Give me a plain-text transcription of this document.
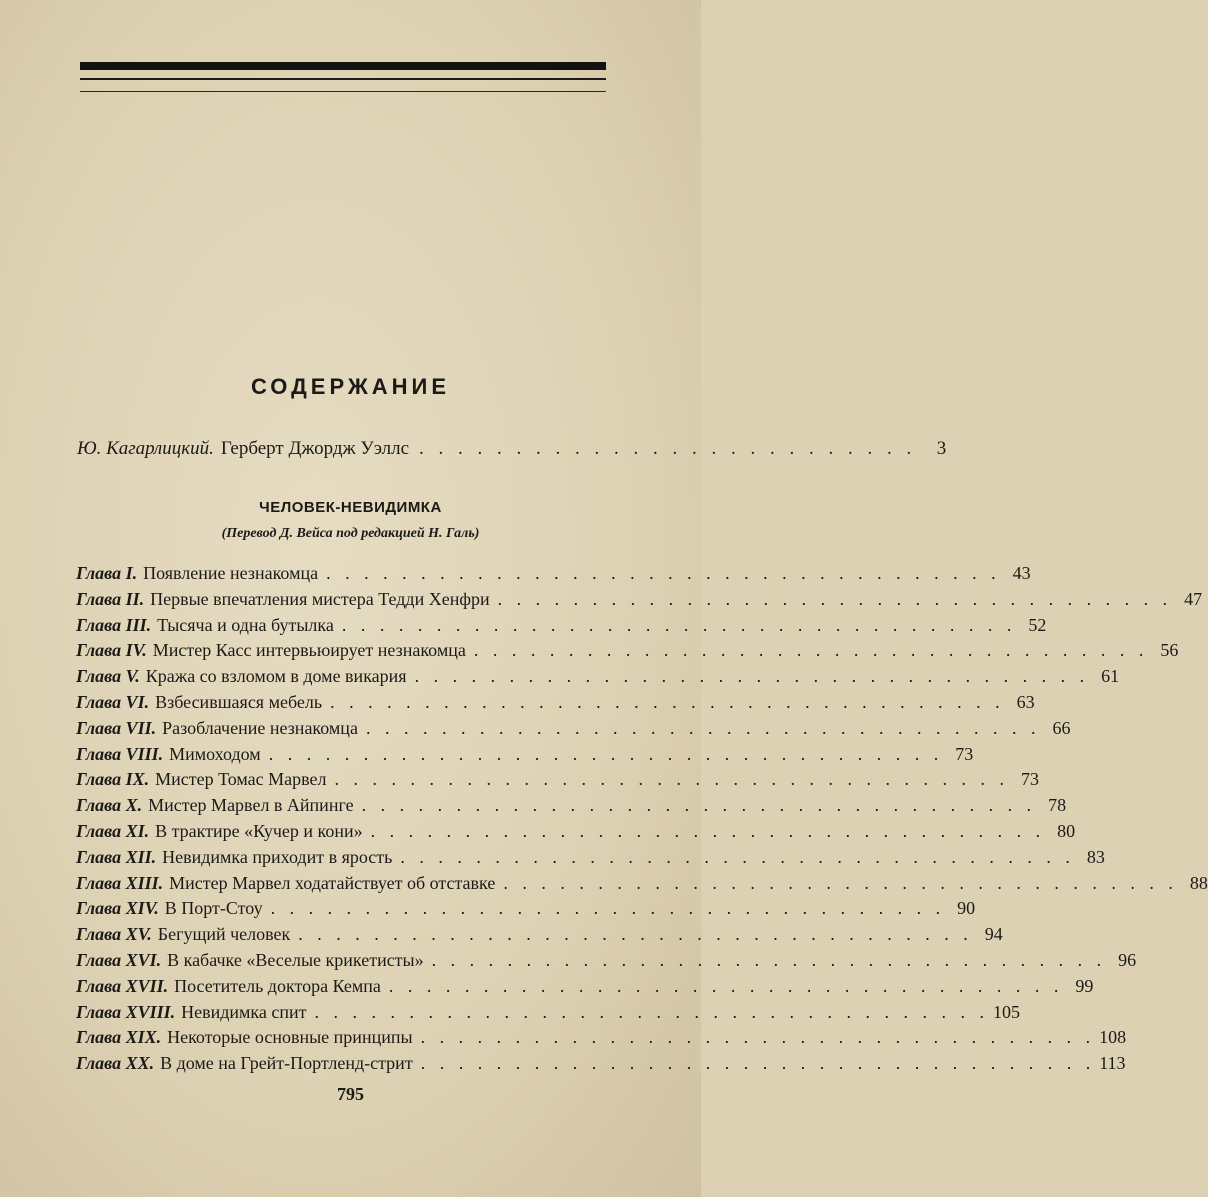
СОДЕРЖАНИЕ
Ю. Кагарлицкий. Герберт Джордж Уэллс . . . . . . . . . . . . . . . . . . . . . . . . . .	3
ЧЕЛОВЕК-НЕВИДИМКА
(Перевод Д. Вейса под редакцией Н. Галь)
Глава I. Появление незнакомца . . . . . . . . . . . . . . . . . . . . . . . . . . . . . . . . . . . . 43
Глава II. Первые впечатления мистера Тедди Хенфри . . . . . . . . . . . . . . . . . . . . . . . . . . . . . . . . . . . . 47
Глава III. Тысяча и одна бутылка . . . . . . . . . . . . . . . . . . . . . . . . . . . . . . . . . . . . 52
Глава IV. Мистер Касс интервьюирует незнакомца . . . . . . . . . . . . . . . . . . . . . . . . . . . . . . . . . . . . 56
Глава V. Кража со взломом в доме викария . . . . . . . . . . . . . . . . . . . . . . . . . . . . . . . . . . . . 61
Глава VI. Взбесившаяся мебель . . . . . . . . . . . . . . . . . . . . . . . . . . . . . . . . . . . . 63
Глава VII. Разоблачение незнакомца . . . . . . . . . . . . . . . . . . . . . . . . . . . . . . . . . . . . 66
Глава VIII. Мимоходом . . . . . . . . . . . . . . . . . . . . . . . . . . . . . . . . . . . . 73
Глава IX. Мистер Томас Марвел . . . . . . . . . . . . . . . . . . . . . . . . . . . . . . . . . . . . 73
Глава X. Мистер Марвел в Айпинге . . . . . . . . . . . . . . . . . . . . . . . . . . . . . . . . . . . . 78
Глава XI. В трактире «Кучер и кони» . . . . . . . . . . . . . . . . . . . . . . . . . . . . . . . . . . . . 80
Глава XII. Невидимка приходит в ярость . . . . . . . . . . . . . . . . . . . . . . . . . . . . . . . . . . . . 83
Глава XIII. Мистер Марвел ходатайствует об отставке . . . . . . . . . . . . . . . . . . . . . . . . . . . . . . . . . . . . 88
Глава XIV. В Порт-Стоу . . . . . . . . . . . . . . . . . . . . . . . . . . . . . . . . . . . . 90
Глава XV. Бегущий человек . . . . . . . . . . . . . . . . . . . . . . . . . . . . . . . . . . . . 94
Глава XVI. В кабачке «Веселые крикетисты» . . . . . . . . . . . . . . . . . . . . . . . . . . . . . . . . . . . . 96
Глава XVII. Посетитель доктора Кемпа . . . . . . . . . . . . . . . . . . . . . . . . . . . . . . . . . . . . 99
Глава XVIII. Невидимка спит . . . . . . . . . . . . . . . . . . . . . . . . . . . . . . . . . . . . 105
Глава XIX. Некоторые основные принципы . . . . . . . . . . . . . . . . . . . . . . . . . . . . . . . . . . . . 108
Глава XX. В доме на Грейт-Портленд-стрит . . . . . . . . . . . . . . . . . . . . . . . . . . . . . . . . . . . . 113
795
